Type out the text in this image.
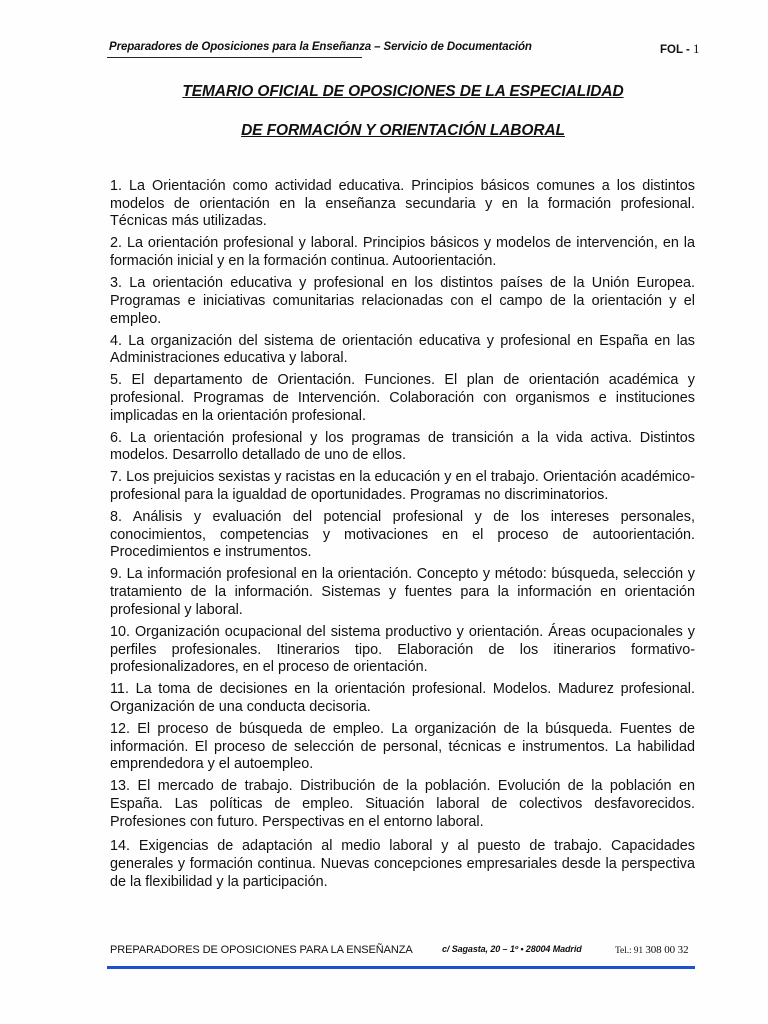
Preparadores de Oposiciones para la Enseñanza – Servicio de Documentación	FOL - 1
TEMARIO OFICIAL DE OPOSICIONES DE LA ESPECIALIDAD
DE FORMACIÓN Y ORIENTACIÓN LABORAL

1. La Orientación como actividad educativa. Principios básicos comunes a los distintos modelos de orientación en la enseñanza secundaria y en la formación profesional. Técnicas más utilizadas.

2. La orientación profesional y laboral. Principios básicos y modelos de intervención, en la formación inicial y en la formación continua. Autoorientación.

3. La orientación educativa y profesional en los distintos países de la Unión Europea. Programas e iniciativas comunitarias relacionadas con el campo de la orientación y el empleo.

4. La organización del sistema de orientación educativa y profesional en España en las Administraciones educativa y laboral.

5. El departamento de Orientación. Funciones. El plan de orientación académica y profesional. Programas de Intervención. Colaboración con organismos e instituciones implicadas en la orientación profesional.

6. La orientación profesional y los programas de transición a la vida activa. Distintos modelos. Desarrollo detallado de uno de ellos.

7. Los prejuicios sexistas y racistas en la educación y en el trabajo. Orientación académico-profesional para la igualdad de oportunidades. Programas no discriminatorios.

8. Análisis y evaluación del potencial profesional y de los intereses personales, conocimientos, competencias y motivaciones en el proceso de autoorientación. Procedimientos e instrumentos.

9. La información profesional en la orientación. Concepto y método: búsqueda, selección y tratamiento de la información. Sistemas y fuentes para la información en orientación profesional y laboral.

10. Organización ocupacional del sistema productivo y orientación. Áreas ocupacionales y perfiles profesionales. Itinerarios tipo. Elaboración de los itinerarios formativo-profesionalizadores, en el proceso de orientación.

11. La toma de decisiones en la orientación profesional. Modelos. Madurez profesional. Organización de una conducta decisoria.

12. El proceso de búsqueda de empleo. La organización de la búsqueda. Fuentes de información. El proceso de selección de personal, técnicas e instrumentos. La habilidad emprendedora y el autoempleo.

13. El mercado de trabajo. Distribución de la población. Evolución de la población en España. Las políticas de empleo. Situación laboral de colectivos desfavorecidos. Profesiones con futuro. Perspectivas en el entorno laboral.

14. Exigencias de adaptación al medio laboral y al puesto de trabajo. Capacidades generales y formación continua. Nuevas concepciones empresariales desde la perspectiva de la flexibilidad y la participación.

PREPARADORES DE OPOSICIONES PARA LA ENSEÑANZA	c/ Sagasta, 20 – 1º • 28004 Madrid	Tel.: 91 308 00 32
